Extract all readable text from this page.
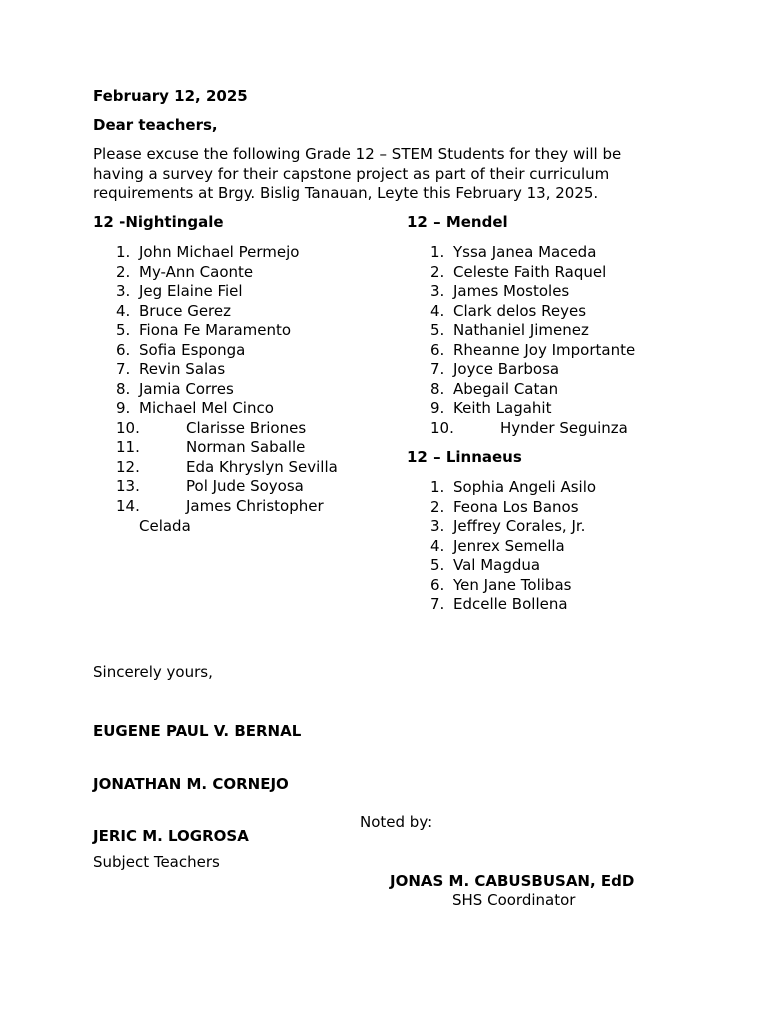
February 12, 2025
Dear teachers,
Please excuse the following Grade 12 – STEM Students for they will be having a survey for their capstone project as part of their curriculum requirements at Brgy. Bislig Tanauan, Leyte this February 13, 2025.
12 -Nightingale
1. John Michael Permejo
2. My-Ann Caonte
3. Jeg Elaine Fiel
4. Bruce Gerez
5. Fiona Fe Maramento
6. Sofia Esponga
7. Revin Salas
8. Jamia Corres
9. Michael Mel Cinco
10.	Clarisse Briones
11.	Norman Saballe
12.	Eda Khryslyn Sevilla
13.	Pol Jude Soyosa
14.	James Christopher
Celada
12 – Mendel
1. Yssa Janea Maceda
2. Celeste Faith Raquel
3. James Mostoles
4. Clark delos Reyes
5. Nathaniel Jimenez
6. Rheanne Joy Importante
7. Joyce Barbosa
8. Abegail Catan
9. Keith Lagahit
10.	Hynder Seguinza
12 – Linnaeus
1. Sophia Angeli Asilo
2. Feona Los Banos
3. Jeffrey Corales, Jr.
4. Jenrex Semella
5. Val Magdua
6. Yen Jane Tolibas
7. Edcelle Bollena
Sincerely yours,
EUGENE PAUL V. BERNAL
JONATHAN M. CORNEJO
Noted by:
JERIC M. LOGROSA
Subject Teachers
JONAS M. CABUSBUSAN, EdD
SHS Coordinator
